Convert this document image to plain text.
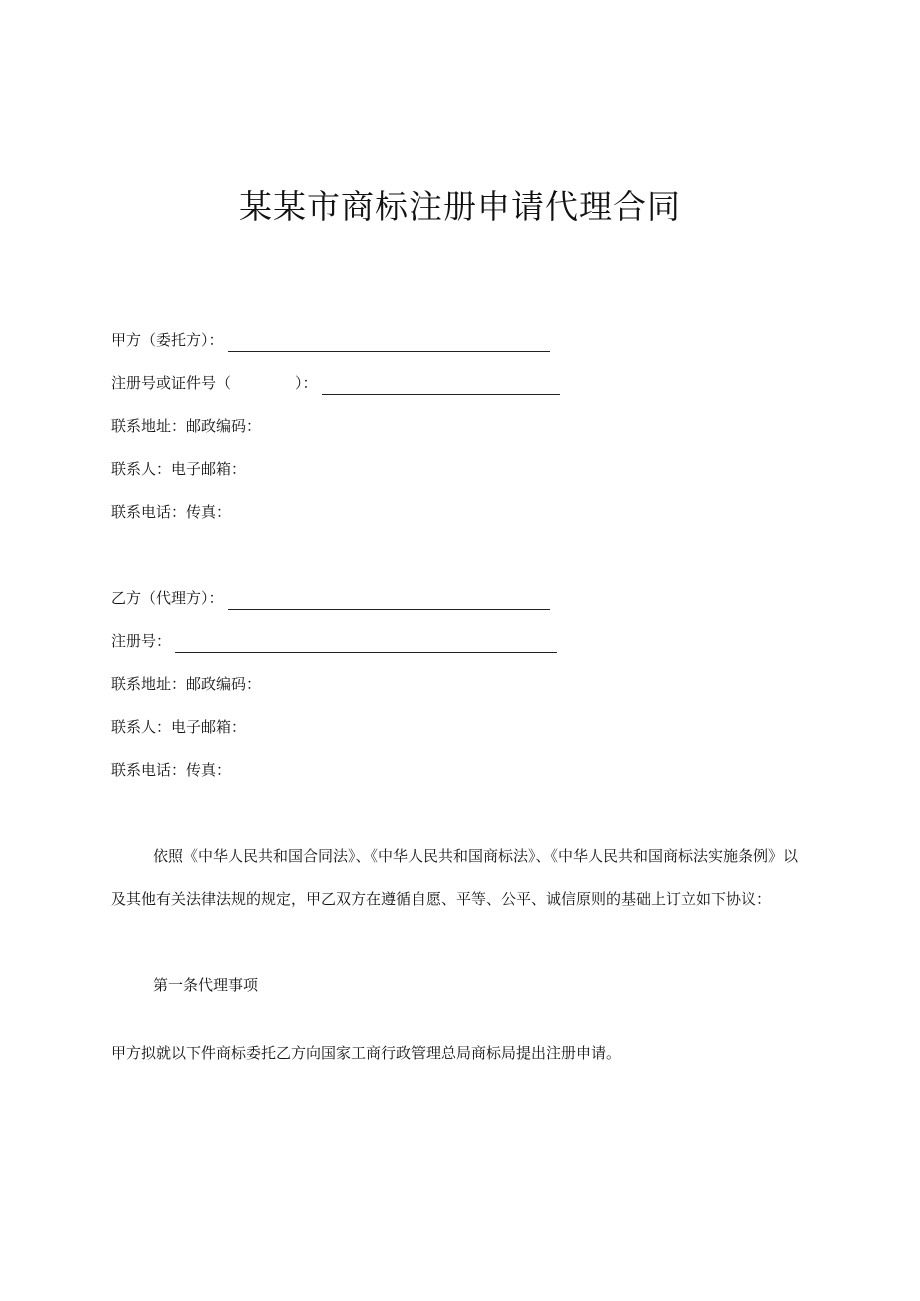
某某市商标注册申请代理合同
甲方（委托方）：
注册号或证件号（	）：
联系地址：邮政编码：
联系人：电子邮箱：
联系电话：传真：
乙方（代理方）：
注册号：
联系地址：邮政编码：
联系人：电子邮箱：
联系电话：传真：

依照《中华人民共和国合同法》、《中华人民共和国商标法》、《中华人民共和国商标法实施条例》以及其他有关法律法规的规定，甲乙双方在遵循自愿、平等、公平、诚信原则的基础上订立如下协议：

第一条代理事项

甲方拟就以下件商标委托乙方向国家工商行政管理总局商标局提出注册申请。
